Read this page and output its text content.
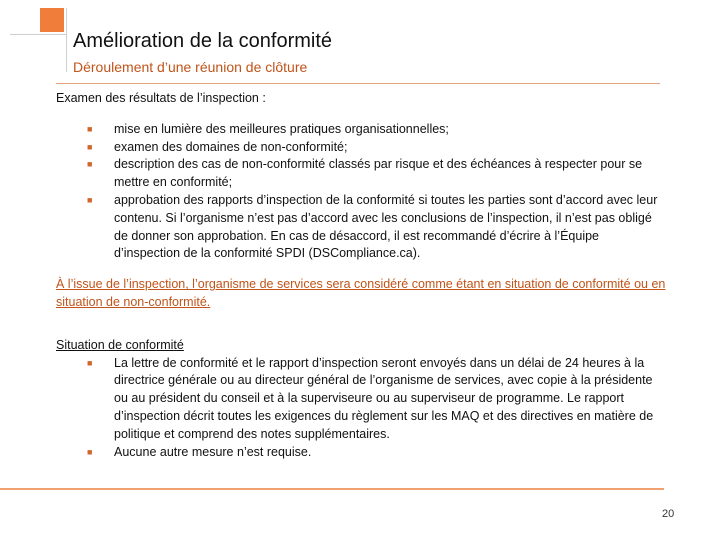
Amélioration de la conformité
Déroulement d’une réunion de clôture

Examen des résultats de l’inspection :

■ mise en lumière des meilleures pratiques organisationnelles;
■ examen des domaines de non-conformité;
■ description des cas de non-conformité classés par risque et des échéances à respecter pour se mettre en conformité;
■ approbation des rapports d’inspection de la conformité si toutes les parties sont d’accord avec leur contenu. Si l’organisme n’est pas d’accord avec les conclusions de l’inspection, il n’est pas obligé de donner son approbation. En cas de désaccord, il est recommandé d’écrire à l’Équipe d’inspection de la conformité SPDI (DSCompliance.ca).

À l’issue de l’inspection, l’organisme de services sera considéré comme étant en situation de conformité ou en situation de non-conformité.

Situation de conformité

■ La lettre de conformité et le rapport d’inspection seront envoyés dans un délai de 24 heures à la directrice générale ou au directeur général de l’organisme de services, avec copie à la présidente ou au président du conseil et à la superviseure ou au superviseur de programme. Le rapport d’inspection décrit toutes les exigences du règlement sur les MAQ et des directives en matière de politique et comprend des notes supplémentaires.
■ Aucune autre mesure n’est requise.
20
